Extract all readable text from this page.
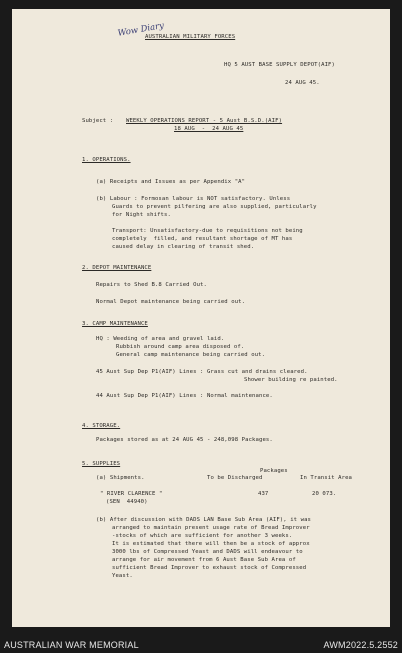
Wow Diary
AUSTRALIAN MILITARY FORCES
HQ 5 AUST BASE SUPPLY DEPOT(AIF)
24 AUG 45.
Subject : WEEKLY OPERATIONS REPORT - 5 Aust B.S.D.(AIF)
18 AUG  -  24 AUG 45
1. OPERATIONS.
(a) Receipts and Issues as per Appendix "A"
(b) Labour : Formosan labour is NOT satisfactory. Unless
Guards to prevent pilfering are also supplied, particularly
for Night shifts.
Transport: Unsatisfactory-due to requisitions not being
completely  filled, and resultant shortage of MT has
caused delay in clearing of transit shed.
2. DEPOT MAINTENANCE
Repairs to Shed B.8 Carried Out.
Normal Depot maintenance being carried out.
3. CAMP MAINTENANCE
HQ : Weeding of area and gravel laid.
Rubbish around camp area disposed of.
General camp maintenance being carried out.
45 Aust Sup Dep P1(AIF) Lines : Grass cut and drains cleared.
Shower building re painted.
44 Aust Sup Dep P1(AIF) Lines : Normal maintenance.
4. STORAGE.
Packages stored as at 24 AUG 45 - 248,098 Packages.
5. SUPPLIES
Packages
(a) Shipments.	To be Discharged	In Transit Area
" RIVER CLARENCE "
(SEN  44940)
437	20 073.
(b) After discussion with DADS LAN Base Sub Area (AIF), it was
arranged to maintain present usage rate of Bread Improver
-stocks of which are sufficient for another 3 weeks.
It is estimated that there will then be a stock of approx
3000 lbs of Compressed Yeast and DADS will endeavour to
arrange for air movement from 6 Aust Base Sub Area of
sufficient Bread Improver to exhaust stock of Compressed
Yeast.
AUSTRALIAN WAR MEMORIAL	AWM2022.5.2552
